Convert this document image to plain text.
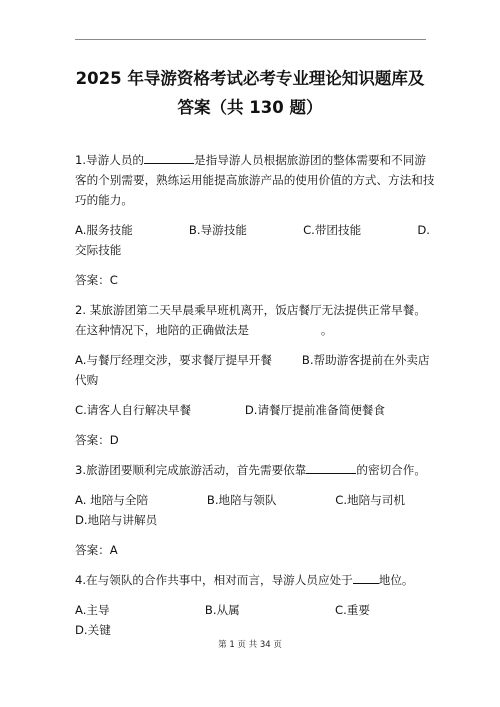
2025 年导游资格考试必考专业理论知识题库及
答案（共 130 题）
1.导游人员的	是指导游人员根据旅游团的整体需要和不同游客的个别需要，熟练运用能提高旅游产品的使用价值的方式、方法和技巧的能力。
A.服务技能	B.导游技能	C.带团技能	D.
交际技能
答案：C
2. 某旅游团第二天早晨乘早班机离开，饭店餐厅无法提供正常早餐。在这种情况下，地陪的正确做法是	。
A.与餐厅经理交涉，要求餐厅提早开餐	B.帮助游客提前在外卖店代购
C.请客人自行解决早餐	D.请餐厅提前准备简便餐食
答案：D
3.旅游团要顺利完成旅游活动，首先需要依靠	的密切合作。
A. 地陪与全陪	B.地陪与领队	C.地陪与司机
D.地陪与讲解员
答案：A
4.在与领队的合作共事中，相对而言，导游人员应处于 地位。
A.主导	B.从属	C.重要
D.关键
第 1 页 共 34 页
